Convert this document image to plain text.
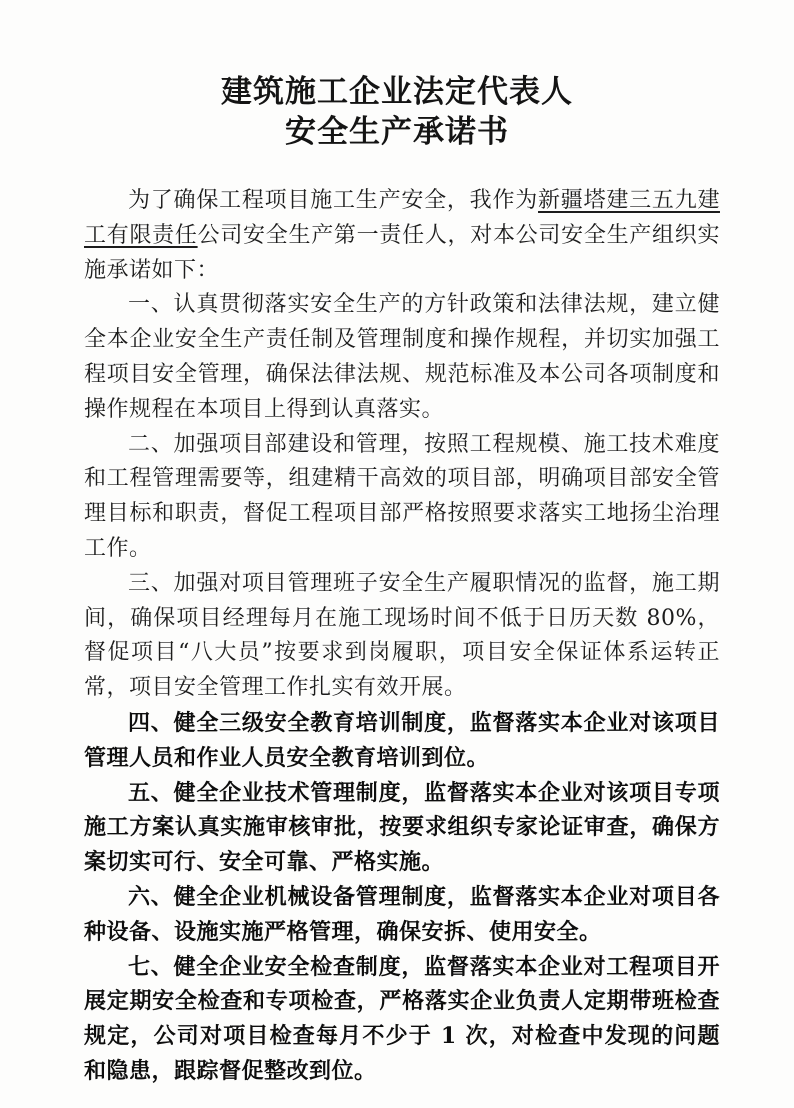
建筑施工企业法定代表人
安全生产承诺书

为了确保工程项目施工生产安全，我作为新疆塔建三五九建工有限责任公司安全生产第一责任人，对本公司安全生产组织实施承诺如下：

一、认真贯彻落实安全生产的方针政策和法律法规，建立健全本企业安全生产责任制及管理制度和操作规程，并切实加强工程项目安全管理，确保法律法规、规范标准及本公司各项制度和操作规程在本项目上得到认真落实。

二、加强项目部建设和管理，按照工程规模、施工技术难度和工程管理需要等，组建精干高效的项目部，明确项目部安全管理目标和职责，督促工程项目部严格按照要求落实工地扬尘治理工作。

三、加强对项目管理班子安全生产履职情况的监督，施工期间，确保项目经理每月在施工现场时间不低于日历天数 80%，督促项目“八大员”按要求到岗履职，项目安全保证体系运转正常，项目安全管理工作扎实有效开展。

四、健全三级安全教育培训制度，监督落实本企业对该项目管理人员和作业人员安全教育培训到位。

五、健全企业技术管理制度，监督落实本企业对该项目专项施工方案认真实施审核审批，按要求组织专家论证审查，确保方案切实可行、安全可靠、严格实施。

六、健全企业机械设备管理制度，监督落实本企业对项目各种设备、设施实施严格管理，确保安拆、使用安全。

七、健全企业安全检查制度，监督落实本企业对工程项目开展定期安全检查和专项检查，严格落实企业负责人定期带班检查规定，公司对项目检查每月不少于 1 次，对检查中发现的问题和隐患，跟踪督促整改到位。
